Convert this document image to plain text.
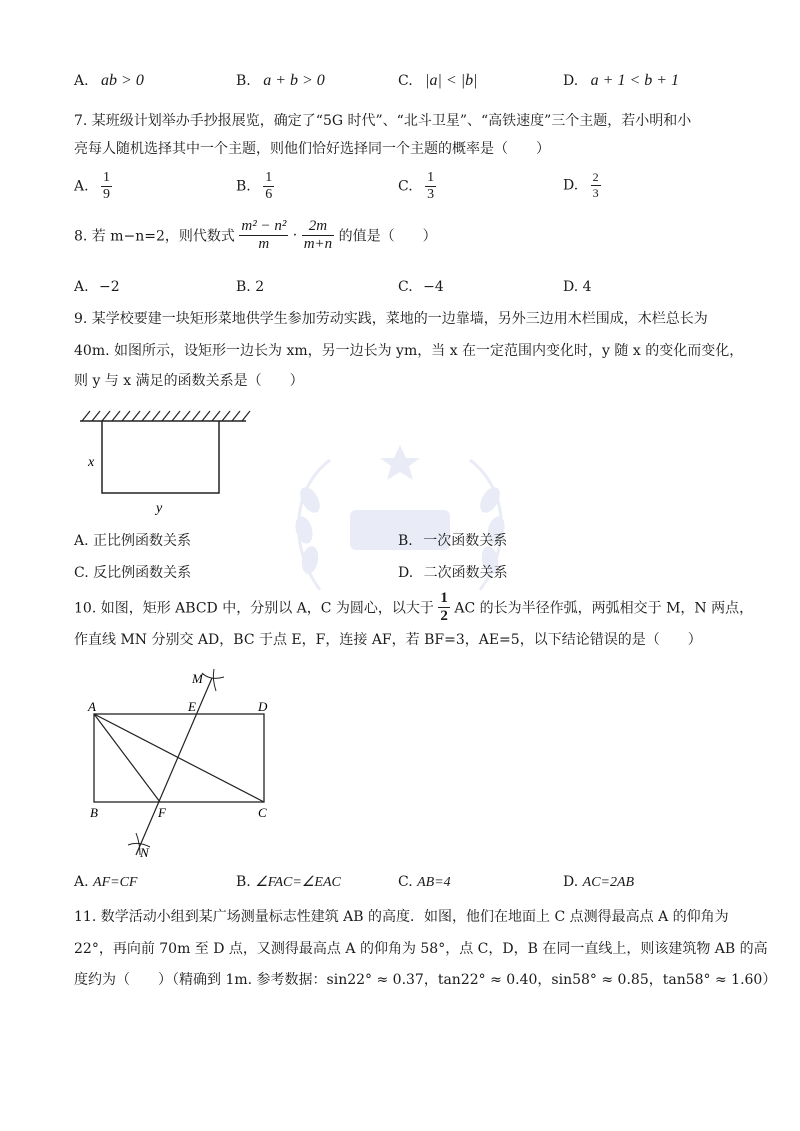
A. ab > 0	B. a + b > 0	C. |a| < |b|	D. a + 1 < b + 1
7. 某班级计划举办手抄报展览，确定了“5G 时代”、“北斗卫星”、“高铁速度”三个主题，若小明和小
亮每人随机选择其中一个主题，则他们恰好选择同一个主题的概率是（　　）
A. $\frac{1}{9}$	B. $\frac{1}{6}$	C. $\frac{1}{3}$	D. $\frac{2}{3}$
8. 若 m−n=2，则代数式 $\frac{\text{m² − n²}}{m} \cdot \frac{2m}{m+n}$ 的值是（　　）
A. −2	B. 2	C. −4	D. 4
9. 某学校要建一块矩形菜地供学生参加劳动实践，菜地的一边靠墙，另外三边用木栏围成，木栏总长为
40m. 如图所示，设矩形一边长为 xm，另一边长为 ym，当 x 在一定范围内变化时，y 随 x 的变化而变化，
则 y 与 x 满足的函数关系是（　　）
x
y
A. 正比例函数关系	B. 一次函数关系
C. 反比例函数关系	D. 二次函数关系
10. 如图，矩形 ABCD 中，分别以 A，C 为圆心，以大于 $\frac{1}{2}$ AC 的长为半径作弧，两弧相交于 M，N 两点，
作直线 MN 分别交 AD，BC 于点 E，F，连接 AF，若 BF=3，AE=5，以下结论错误的是（　　）
M
A	E	D
B	F	C
N
A. AF=CF	B. ∠FAC=∠EAC	C. AB=4	D. AC=2AB
11. 数学活动小组到某广场测量标志性建筑 AB 的高度．如图，他们在地面上 C 点测得最高点 A 的仰角为
22°，再向前 70m 至 D 点，又测得最高点 A 的仰角为 58°，点 C，D，B 在同一直线上，则该建筑物 AB 的高
度约为（　　）（精确到 1m. 参考数据：sin22° ≈ 0.37，tan22° ≈ 0.40，sin58° ≈ 0.85，tan58° ≈ 1.60）
